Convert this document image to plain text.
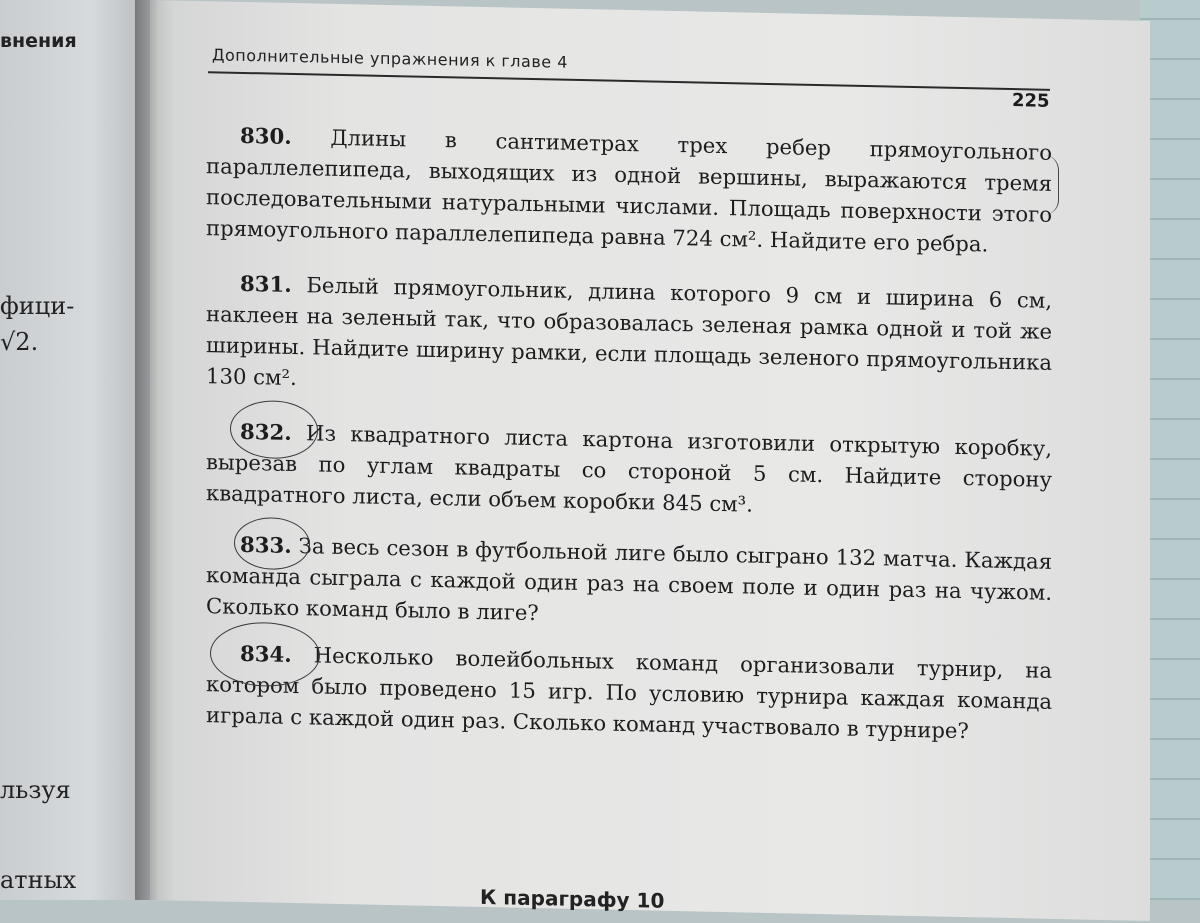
внения
фици-
√2.
льзуя
атных
Дополнительные упражнения к главе 4
225

830. Длины в сантиметрах трех ребер прямоугольного параллелепипеда, выходящих из одной вершины, выражаются тремя последовательными натуральными числами. Площадь поверхности этого прямоугольного параллелепипеда равна 724 см². Найдите его ребра.

831. Белый прямоугольник, длина которого 9 см и ширина 6 см, наклеен на зеленый так, что образовалась зеленая рамка одной и той же ширины. Найдите ширину рамки, если площадь зеленого прямоугольника 130 см².

832. Из квадратного листа картона изготовили открытую коробку, вырезав по углам квадраты со стороной 5 см. Найдите сторону квадратного листа, если объем коробки 845 см³.

833. За весь сезон в футбольной лиге было сыграно 132 матча. Каждая команда сыграла с каждой один раз на своем поле и один раз на чужом. Сколько команд было в лиге?

834. Несколько волейбольных команд организовали турнир, на котором было проведено 15 игр. По условию турнира каждая команда играла с каждой один раз. Сколько команд участвовало в турнире?

К параграфу 10
